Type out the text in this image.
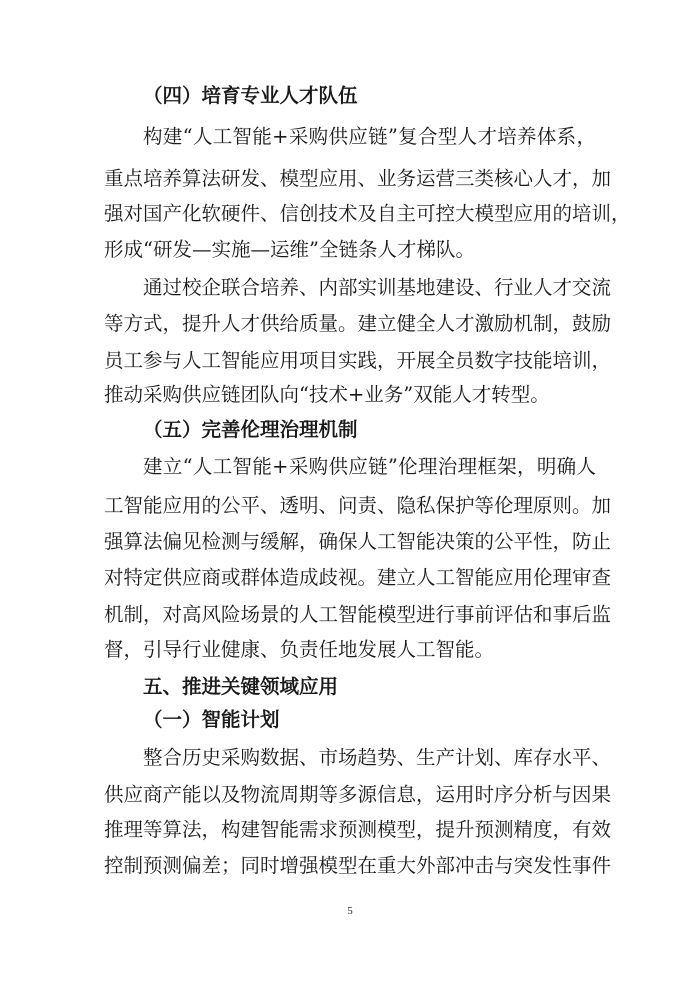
（四）培育专业人才队伍
构建“人工智能+采购供应链”复合型人才培养体系，
重点培养算法研发、模型应用、业务运营三类核心人才，加
强对国产化软硬件、信创技术及自主可控大模型应用的培训，
形成“研发—实施—运维”全链条人才梯队。
通过校企联合培养、内部实训基地建设、行业人才交流
等方式，提升人才供给质量。建立健全人才激励机制，鼓励
员工参与人工智能应用项目实践，开展全员数字技能培训，
推动采购供应链团队向“技术+业务”双能人才转型。
（五）完善伦理治理机制
建立“人工智能+采购供应链”伦理治理框架，明确人
工智能应用的公平、透明、问责、隐私保护等伦理原则。加
强算法偏见检测与缓解，确保人工智能决策的公平性，防止
对特定供应商或群体造成歧视。建立人工智能应用伦理审查
机制，对高风险场景的人工智能模型进行事前评估和事后监
督，引导行业健康、负责任地发展人工智能。
五、推进关键领域应用
（一）智能计划
整合历史采购数据、市场趋势、生产计划、库存水平、
供应商产能以及物流周期等多源信息，运用时序分析与因果
推理等算法，构建智能需求预测模型，提升预测精度，有效
控制预测偏差；同时增强模型在重大外部冲击与突发性事件
5
